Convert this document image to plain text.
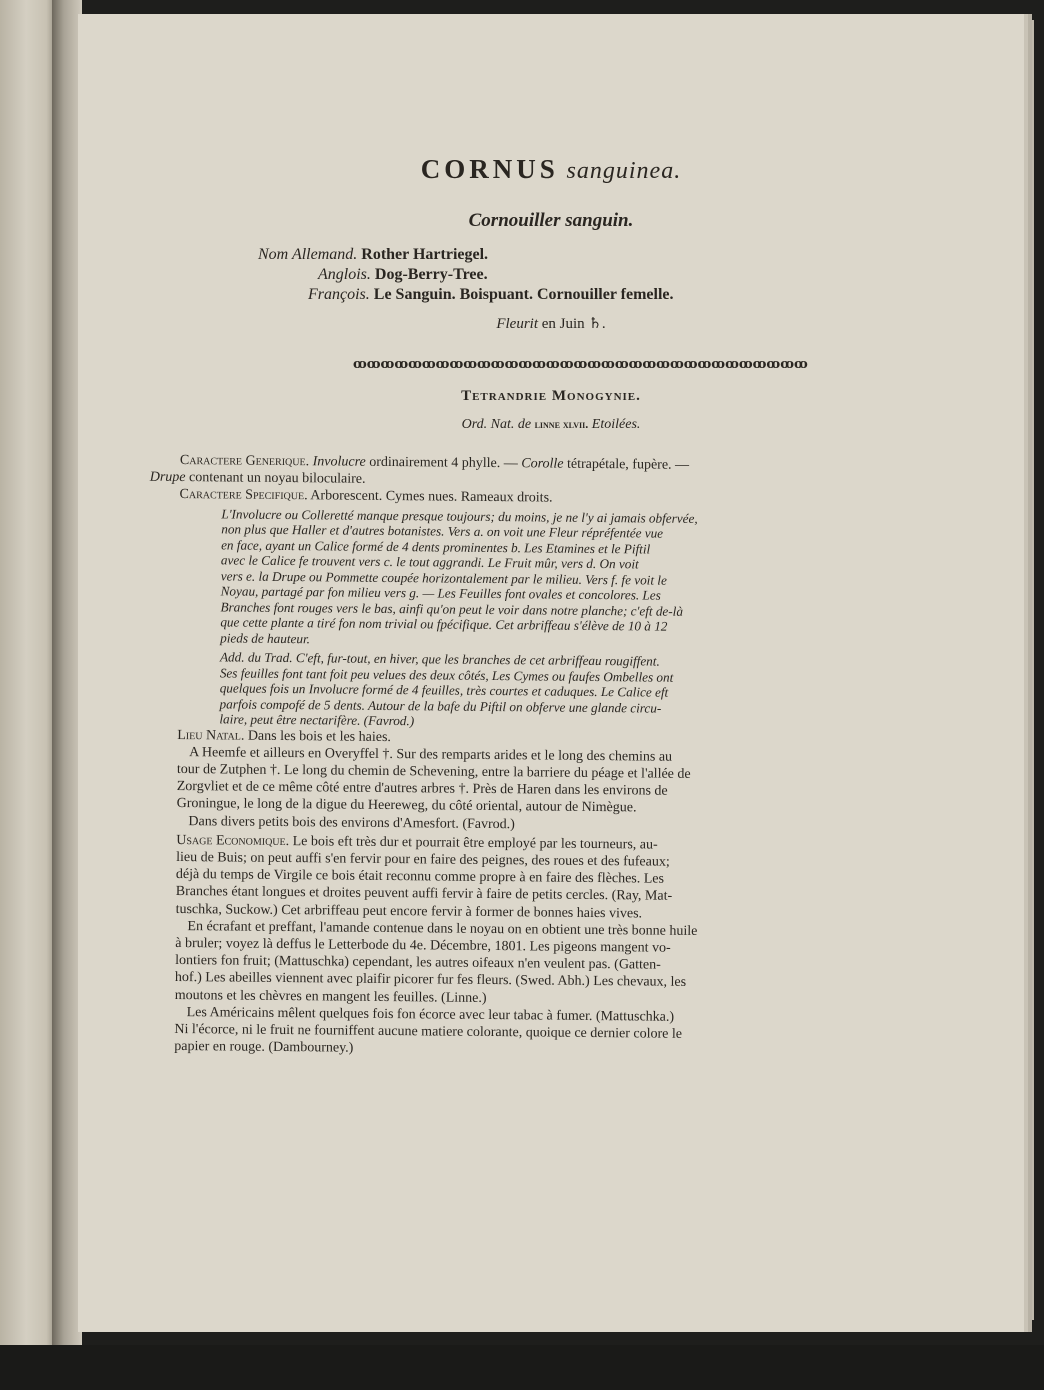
CORNUS sanguinea.
Cornouiller sanguin.
Nom Allemand. Rother Hartriegel.
Anglois. Dog-Berry-Tree.
François. Le Sanguin. Boispuant. Cornouiller femelle.
Fleurit en Juin ♄.
ꝏꝏꝏꝏꝏꝏꝏꝏꝏꝏꝏꝏꝏꝏꝏꝏꝏꝏꝏꝏꝏꝏꝏꝏꝏꝏꝏꝏꝏꝏꝏꝏꝏ
Tetrandrie Monogynie.
Ord. Nat. de linne xlvii. Etoilées.

Caractere Generique. Involucre ordinairement 4 phylle. — Corolle tétrapétale, fupère. —

Drupe contenant un noyau biloculaire.

Caractere Specifique. Arborescent. Cymes nues. Rameaux droits.

L'Involucre ou Colleretté manque presque toujours; du moins, je ne l'y ai jamais obfervée,

non plus que Haller et d'autres botanistes. Vers a. on voit une Fleur répréfentée vue

en face, ayant un Calice formé de 4 dents prominentes b. Les Etamines et le Piftil

avec le Calice fe trouvent vers c. le tout aggrandi. Le Fruit mûr, vers d. On voit

vers e. la Drupe ou Pommette coupée horizontalement par le milieu. Vers f. fe voit le

Noyau, partagé par fon milieu vers g. — Les Feuilles font ovales et concolores. Les

Branches font rouges vers le bas, ainfi qu'on peut le voir dans notre planche; c'eft de-là

que cette plante a tiré fon nom trivial ou fpécifique. Cet arbriffeau s'élève de 10 à 12

pieds de hauteur.

Add. du Trad. C'eft, fur-tout, en hiver, que les branches de cet arbriffeau rougiffent.

Ses feuilles font tant foit peu velues des deux côtés, Les Cymes ou faufes Ombelles ont

quelques fois un Involucre formé de 4 feuilles, très courtes et caduques. Le Calice eft

parfois compofé de 5 dents. Autour de la bafe du Piftil on obferve une glande circu-

laire, peut être nectarifère. (Favrod.)

Lieu Natal. Dans les bois et les haies.

A Heemfe et ailleurs en Overyffel †. Sur des remparts arides et le long des chemins au

tour de Zutphen †. Le long du chemin de Schevening, entre la barriere du péage et l'allée de

Zorgvliet et de ce même côté entre d'autres arbres †. Près de Haren dans les environs de

Groningue, le long de la digue du Heereweg, du côté oriental, autour de Nimègue.

Dans divers petits bois des environs d'Amesfort. (Favrod.)

Usage Economique. Le bois eft très dur et pourrait être employé par les tourneurs, au-

lieu de Buis; on peut auffi s'en fervir pour en faire des peignes, des roues et des fufeaux;

déjà du temps de Virgile ce bois était reconnu comme propre à en faire des flèches. Les

Branches étant longues et droites peuvent auffi fervir à faire de petits cercles. (Ray, Mat-

tuschka, Suckow.) Cet arbriffeau peut encore fervir à former de bonnes haies vives.

En écrafant et preffant, l'amande contenue dans le noyau on en obtient une très bonne huile

à bruler; voyez là deffus le Letterbode du 4e. Décembre, 1801. Les pigeons mangent vo-

lontiers fon fruit; (Mattuschka) cependant, les autres oifeaux n'en veulent pas. (Gatten-

hof.) Les abeilles viennent avec plaifir picorer fur fes fleurs. (Swed. Abh.) Les chevaux, les

moutons et les chèvres en mangent les feuilles. (Linne.)

Les Américains mêlent quelques fois fon écorce avec leur tabac à fumer. (Mattuschka.)

Ni l'écorce, ni le fruit ne fourniffent aucune matiere colorante, quoique ce dernier colore le

papier en rouge. (Dambourney.)
